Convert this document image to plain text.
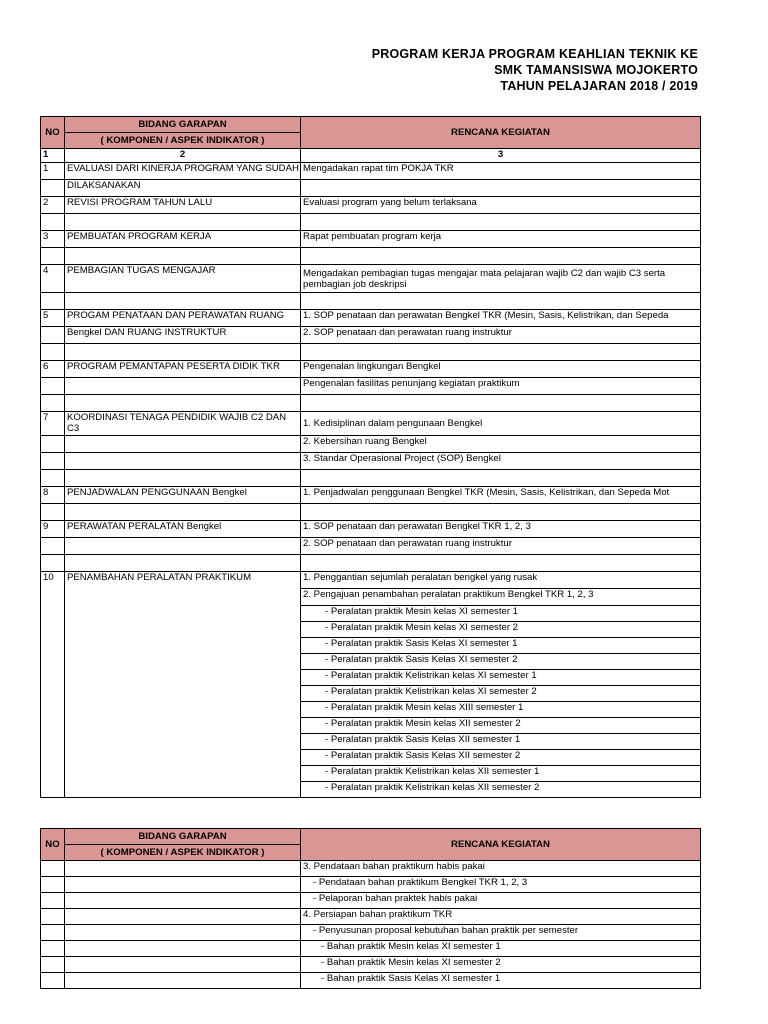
PROGRAM KERJA PROGRAM KEAHLIAN TEKNIK KE
SMK TAMANSISWA MOJOKERTO
TAHUN PELAJARAN 2018 / 2019
NO	BIDANG GARAPAN	RENCANA KEGIATAN
	( KOMPONEN / ASPEK INDIKATOR )	
1	2	3
1	EVALUASI DARI KINERJA PROGRAM YANG SUDAH	Mengadakan rapat tim POKJA TKR
	DILAKSANAKAN	
2	REVISI PROGRAM TAHUN LALU	Evaluasi program yang belum terlaksana

3	PEMBUATAN PROGRAM KERJA	Rapat pembuatan program kerja

4	PEMBAGIAN TUGAS MENGAJAR	Mengadakan pembagian tugas mengajar mata pelajaran wajib C2 dan wajib C3 serta pembagian job deskripsi

5	PROGAM PENATAAN DAN PERAWATAN RUANG	1. SOP penataan dan perawatan Bengkel TKR (Mesin, Sasis, Kelistrikan, dan Sepeda
	Bengkel DAN RUANG INSTRUKTUR	2. SOP penataan dan perawatan ruang instruktur

6	PROGRAM PEMANTAPAN PESERTA DIDIK TKR	Pengenalan lingkungan Bengkel
		Pengenalan fasilitas penunjang kegiatan praktikum

7	KOORDINASI TENAGA PENDIDIK WAJIB C2 DAN C3	1. Kedisiplinan dalam pengunaan Bengkel
		2. Kebersihan ruang Bengkel
		3. Standar Operasional Project (SOP) Bengkel

8	PENJADWALAN PENGGUNAAN Bengkel	1. Penjadwalan penggunaan Bengkel TKR (Mesin, Sasis, Kelistrikan, dan Sepeda Mot

9	PERAWATAN PERALATAN Bengkel	1. SOP penataan dan perawatan Bengkel TKR 1, 2, 3
		2. SOP penataan dan perawatan ruang instruktur

10	PENAMBAHAN PERALATAN PRAKTIKUM	1. Penggantian sejumlah peralatan bengkel yang rusak
		2. Pengajuan penambahan peralatan praktikum Bengkel TKR 1, 2, 3
		- Peralatan praktik Mesin kelas XI semester 1
		- Peralatan praktik Mesin kelas XI semester 2
		- Peralatan praktik Sasis Kelas XI semester 1
		- Peralatan praktik Sasis Kelas XI semester 2
		- Peralatan praktik Kelistrikan kelas XI semester 1
		- Peralatan praktik Kelistrikan kelas XI semester 2
		- Peralatan praktik Mesin kelas XIII semester 1
		- Peralatan praktik Mesin kelas XII semester 2
		- Peralatan praktik Sasis Kelas XII semester 1
		- Peralatan praktik Sasis Kelas XII semester 2
		- Peralatan praktik Kelistrikan kelas XII semester 1
		- Peralatan praktik Kelistrikan kelas XII semester 2
NO	BIDANG GARAPAN	RENCANA KEGIATAN
	( KOMPONEN / ASPEK INDIKATOR )	
		3. Pendataan bahan praktikum habis pakai
		- Pendataan bahan praktikum Bengkel TKR 1, 2, 3
		- Pelaporan bahan praktek habis pakai
		4. Persiapan bahan praktikum TKR
		- Penyusunan proposal kebutuhan bahan praktik per semester
		- Bahan praktik Mesin kelas XI semester 1
		- Bahan praktik Mesin kelas XI semester 2
		- Bahan praktik Sasis Kelas XI semester 1
